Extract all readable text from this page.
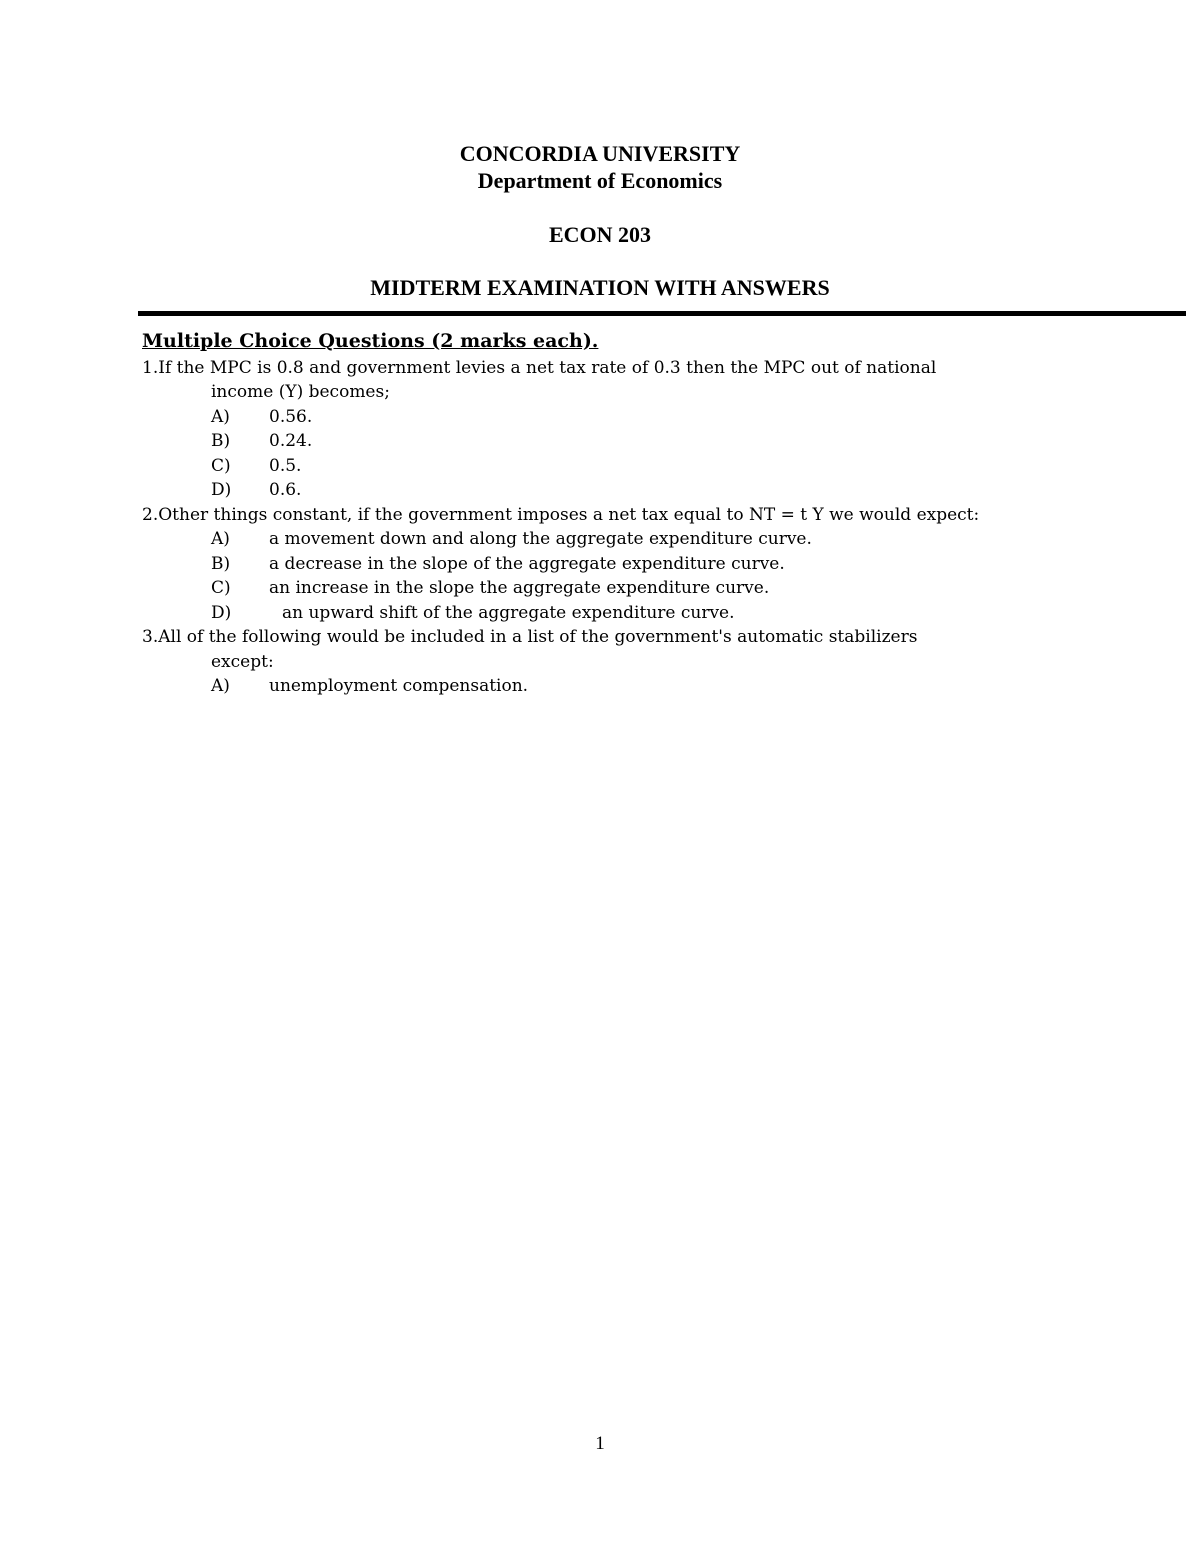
CONCORDIA UNIVERSITY
Department of Economics
ECON 203
MIDTERM EXAMINATION WITH ANSWERS
Multiple Choice Questions (2 marks each).
1.If the MPC is 0.8 and government levies a net tax rate of 0.3 then the MPC out of national
income (Y) becomes;
A) 0.56.
B) 0.24.
C) 0.5.
D) 0.6.
2.Other things constant, if the government imposes a net tax equal to NT = t Y we would expect:
A) a movement down and along the aggregate expenditure curve.
B) a decrease in the slope of the aggregate expenditure curve.
C) an increase in the slope the aggregate expenditure curve.
D)	an upward shift of the aggregate expenditure curve.
3.All of the following would be included in a list of the government's automatic stabilizers
except:
A) unemployment compensation.
1
